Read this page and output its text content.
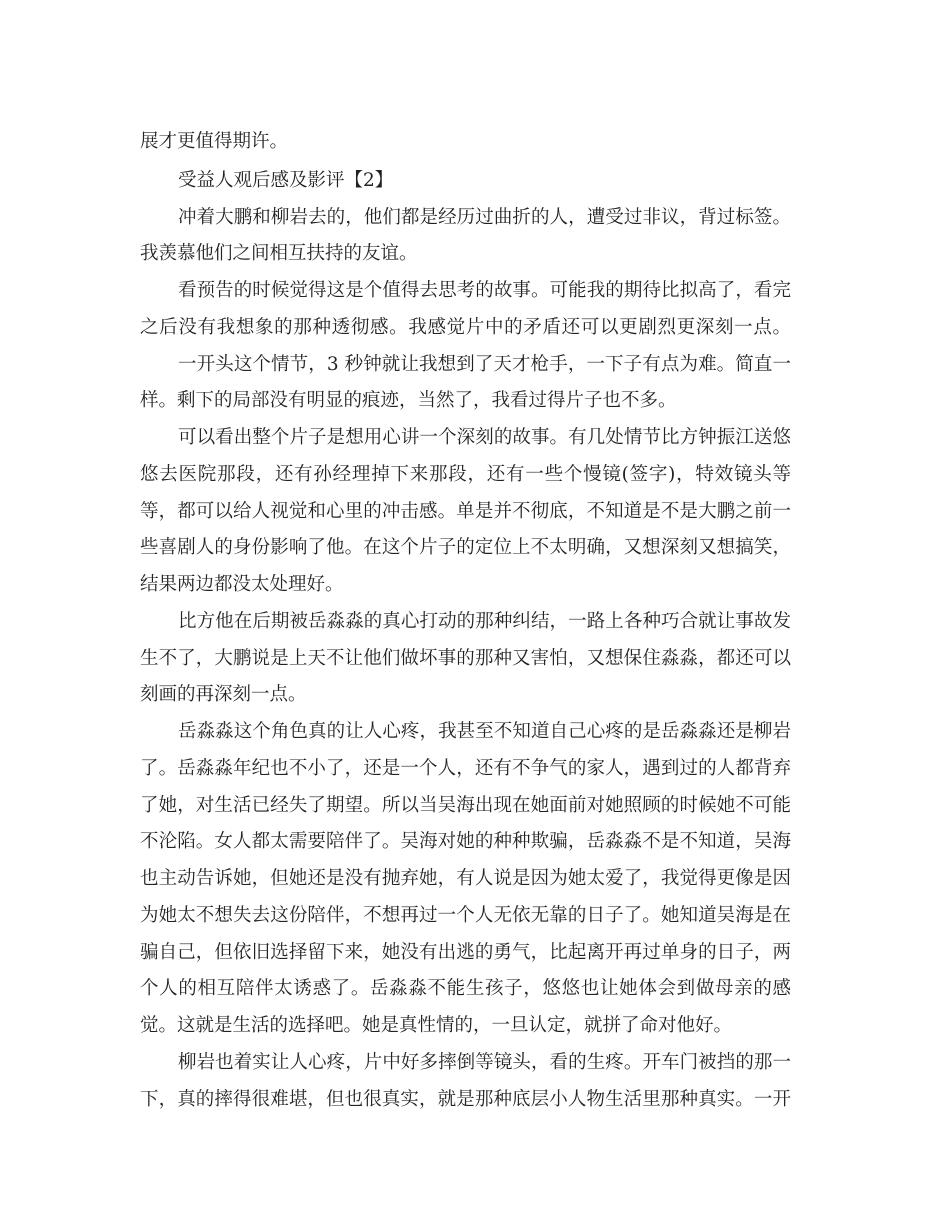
展才更值得期许。

受益人观后感及影评【2】

冲着大鹏和柳岩去的，他们都是经历过曲折的人，遭受过非议，背过标签。

我羡慕他们之间相互扶持的友谊。

看预告的时候觉得这是个值得去思考的故事。可能我的期待比拟高了，看完

之后没有我想象的那种透彻感。我感觉片中的矛盾还可以更剧烈更深刻一点。

一开头这个情节，3 秒钟就让我想到了天才枪手，一下子有点为难。简直一

样。剩下的局部没有明显的痕迹，当然了，我看过得片子也不多。

可以看出整个片子是想用心讲一个深刻的故事。有几处情节比方钟振江送悠

悠去医院那段，还有孙经理掉下来那段，还有一些个慢镜(签字)，特效镜头等

等，都可以给人视觉和心里的冲击感。单是并不彻底，不知道是不是大鹏之前一

些喜剧人的身份影响了他。在这个片子的定位上不太明确，又想深刻又想搞笑，

结果两边都没太处理好。

比方他在后期被岳淼淼的真心打动的那种纠结，一路上各种巧合就让事故发

生不了，大鹏说是上天不让他们做坏事的那种又害怕，又想保住淼淼，都还可以

刻画的再深刻一点。

岳淼淼这个角色真的让人心疼，我甚至不知道自己心疼的是岳淼淼还是柳岩

了。岳淼淼年纪也不小了，还是一个人，还有不争气的家人，遇到过的人都背弃

了她，对生活已经失了期望。所以当吴海出现在她面前对她照顾的时候她不可能

不沦陷。女人都太需要陪伴了。吴海对她的种种欺骗，岳淼淼不是不知道，吴海

也主动告诉她，但她还是没有抛弃她，有人说是因为她太爱了，我觉得更像是因

为她太不想失去这份陪伴，不想再过一个人无依无靠的日子了。她知道吴海是在

骗自己，但依旧选择留下来，她没有出逃的勇气，比起离开再过单身的日子，两

个人的相互陪伴太诱惑了。岳淼淼不能生孩子，悠悠也让她体会到做母亲的感

觉。这就是生活的选择吧。她是真性情的，一旦认定，就拼了命对他好。

柳岩也着实让人心疼，片中好多摔倒等镜头，看的生疼。开车门被挡的那一

下，真的摔得很难堪，但也很真实，就是那种底层小人物生活里那种真实。一开
